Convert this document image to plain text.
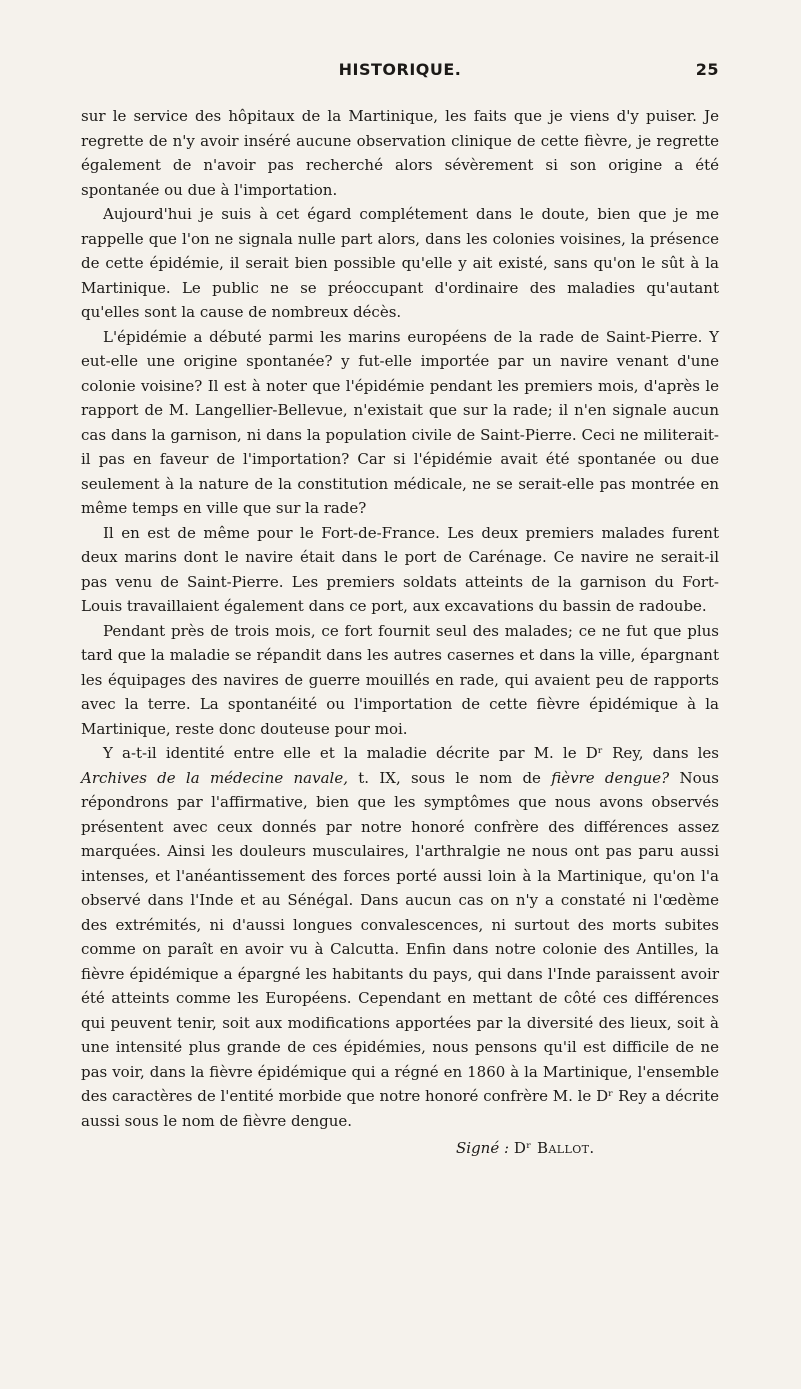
HISTORIQUE.	25

sur le service des hôpitaux de la Martinique, les faits que je viens d'y puiser. Je regrette de n'y avoir inséré aucune observation clinique de cette fièvre, je regrette également de n'avoir pas recherché alors sévèrement si son origine a été spontanée ou due à l'importation.

Aujourd'hui je suis à cet égard complétement dans le doute, bien que je me rappelle que l'on ne signala nulle part alors, dans les colonies voisines, la présence de cette épidémie, il serait bien possible qu'elle y ait existé, sans qu'on le sût à la Martinique. Le public ne se préoccupant d'ordinaire des maladies qu'autant qu'elles sont la cause de nombreux décès.

L'épidémie a débuté parmi les marins européens de la rade de Saint-Pierre. Y eut-elle une origine spontanée? y fut-elle importée par un navire venant d'une colonie voisine? Il est à noter que l'épidémie pendant les premiers mois, d'après le rapport de M. Langellier-Bellevue, n'existait que sur la rade; il n'en signale aucun cas dans la garnison, ni dans la population civile de Saint-Pierre. Ceci ne militerait-il pas en faveur de l'importation? Car si l'épidémie avait été spontanée ou due seulement à la nature de la constitution médicale, ne se serait-elle pas montrée en même temps en ville que sur la rade?

Il en est de même pour le Fort-de-France. Les deux premiers malades furent deux marins dont le navire était dans le port de Carénage. Ce navire ne serait-il pas venu de Saint-Pierre. Les premiers soldats atteints de la garnison du Fort-Louis travaillaient également dans ce port, aux excavations du bassin de radoube.

Pendant près de trois mois, ce fort fournit seul des malades; ce ne fut que plus tard que la maladie se répandit dans les autres casernes et dans la ville, épargnant les équipages des navires de guerre mouillés en rade, qui avaient peu de rapports avec la terre. La spontanéité ou l'importation de cette fièvre épidémique à la Martinique, reste donc douteuse pour moi.

Y a-t-il identité entre elle et la maladie décrite par M. le Dʳ Rey, dans les Archives de la médecine navale, t. IX, sous le nom de fièvre dengue? Nous répondrons par l'affirmative, bien que les symptômes que nous avons observés présentent avec ceux donnés par notre honoré confrère des différences assez marquées. Ainsi les douleurs musculaires, l'arthralgie ne nous ont pas paru aussi intenses, et l'anéantissement des forces porté aussi loin à la Martinique, qu'on l'a observé dans l'Inde et au Sénégal. Dans aucun cas on n'y a constaté ni l'œdème des extrémités, ni d'aussi longues convalescences, ni surtout des morts subites comme on paraît en avoir vu à Calcutta. Enfin dans notre colonie des Antilles, la fièvre épidémique a épargné les habitants du pays, qui dans l'Inde paraissent avoir été atteints comme les Européens. Cependant en mettant de côté ces différences qui peuvent tenir, soit aux modifications apportées par la diversité des lieux, soit à une intensité plus grande de ces épidémies, nous pensons qu'il est difficile de ne pas voir, dans la fièvre épidémique qui a régné en 1860 à la Martinique, l'ensemble des caractères de l'entité morbide que notre honoré confrère M. le Dʳ Rey a décrite aussi sous le nom de fièvre dengue.

Signé : Dʳ Ballot.
